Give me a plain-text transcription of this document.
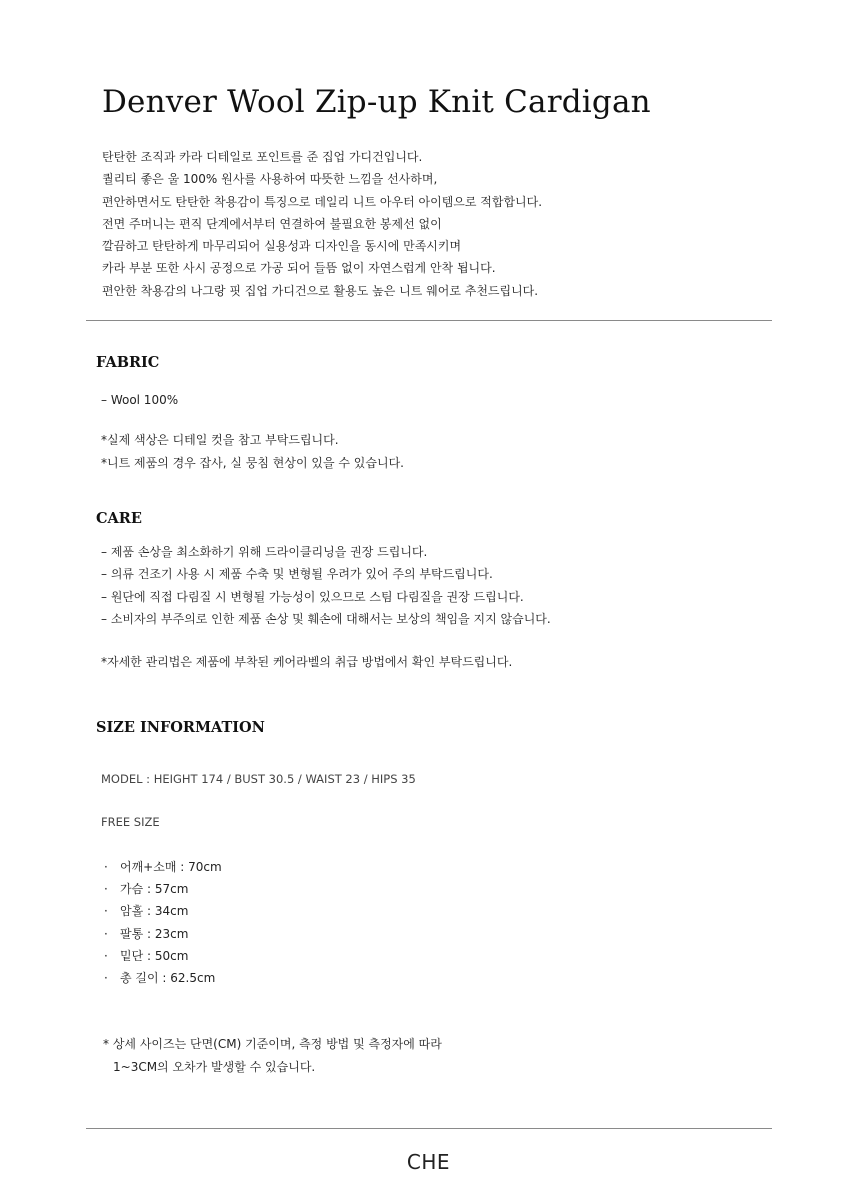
Denver Wool Zip-up Knit Cardigan
탄탄한 조직과 카라 디테일로 포인트를 준 집업 가디건입니다.
퀄리티 좋은 울 100% 원사를 사용하여 따뜻한 느낌을 선사하며,
편안하면서도 탄탄한 착용감이 특징으로 데일리 니트 아우터 아이템으로 적합합니다.
전면 주머니는 편직 단계에서부터 연결하여 불필요한 봉제선 없이
깔끔하고 탄탄하게 마무리되어 실용성과 디자인을 동시에 만족시키며
카라 부분 또한 사시 공정으로 가공 되어 들뜸 없이 자연스럽게 안착 됩니다.
편안한 착용감의 나그랑 핏 집업 가디건으로 활용도 높은 니트 웨어로 추천드립니다.
FABRIC
– Wool 100%
*실제 색상은 디테일 컷을 참고 부탁드립니다.
*니트 제품의 경우 잡사, 실 뭉침 현상이 있을 수 있습니다.
CARE
– 제품 손상을 최소화하기 위해 드라이클리닝을 권장 드립니다.
– 의류 건조기 사용 시 제품 수축 및 변형될 우려가 있어 주의 부탁드립니다.
– 원단에 직접 다림질 시 변형될 가능성이 있으므로 스팀 다림질을 권장 드립니다.
– 소비자의 부주의로 인한 제품 손상 및 훼손에 대해서는 보상의 책임을 지지 않습니다.
*자세한 관리법은 제품에 부착된 케어라벨의 취급 방법에서 확인 부탁드립니다.
SIZE INFORMATION
MODEL : HEIGHT 174 / BUST 30.5 / WAIST 23 / HIPS 35
FREE SIZE
· 어깨+소매 : 70cm
· 가슴 : 57cm
· 암홀 : 34cm
· 팔통 : 23cm
· 밑단 : 50cm
· 총 길이 : 62.5cm
* 상세 사이즈는 단면(CM) 기준이며, 측정 방법 및 측정자에 따라
1~3CM의 오차가 발생할 수 있습니다.
CHE
